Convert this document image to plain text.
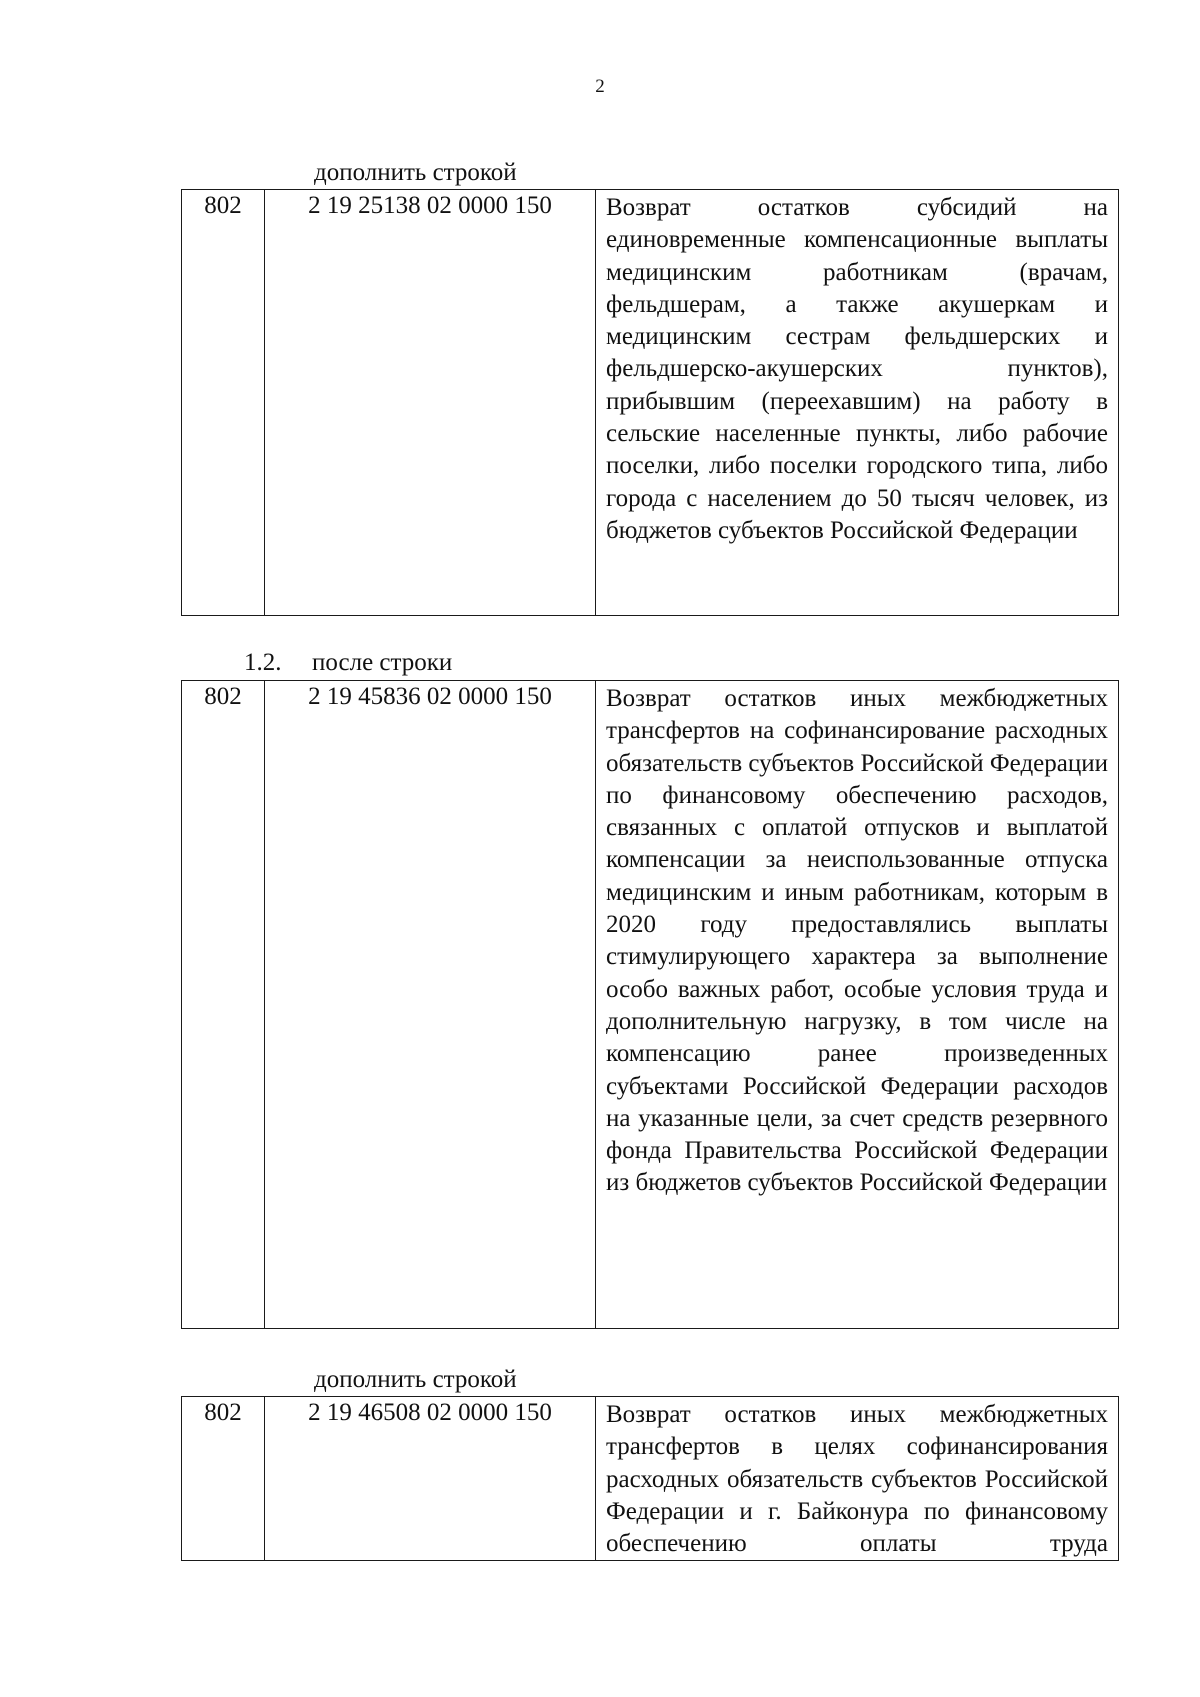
2
дополнить строкой
802	2 19 25138 02 0000 150	Возврат остатков субсидий на единовременные компенсационные выплаты медицинским работникам (врачам, фельдшерам, а также акушеркам и медицинским сестрам фельдшерских и фельдшерско-акушерских пунктов), прибывшим (переехавшим) на работу в сельские населенные пункты, либо рабочие поселки, либо поселки городского типа, либо города с населением до 50 тысяч человек, из бюджетов субъектов Российской Федерации
1.2. после строки
802	2 19 45836 02 0000 150	Возврат остатков иных межбюджетных трансфертов на софинансирование расходных обязательств субъектов Российской Федерации по финансовому обеспечению расходов, связанных с оплатой отпусков и выплатой компенсации за неиспользованные отпуска медицинским и иным работникам, которым в 2020 году предоставлялись выплаты стимулирующего характера за выполнение особо важных работ, особые условия труда и дополнительную нагрузку, в том числе на компенсацию ранее произведенных субъектами Российской Федерации расходов на указанные цели, за счет средств резервного фонда Правительства Российской Федерации из бюджетов субъектов Российской Федерации
дополнить строкой
802	2 19 46508 02 0000 150	Возврат остатков иных межбюджетных трансфертов в целях софинансирования расходных обязательств субъектов Российской Федерации и г. Байконура по финансовому обеспечению оплаты труда
